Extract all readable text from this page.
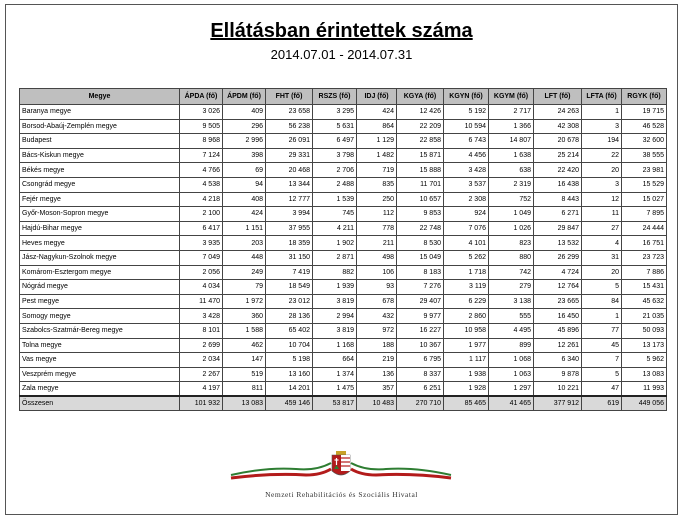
Ellátásban érintettek száma
2014.07.01 - 2014.07.31
Megye	ÁPDA (fő)	ÁPDM (fő)	FHT (fő)	RSZS (fő)	IDJ (fő)	KGYA (fő)	KGYN (fő)	KGYM (fő)	LFT (fő)	LFTA (fő)	RGYK (fő)
Baranya megye	3 026	409	23 658	3 295	424	12 426	5 192	2 717	24 263	1	19 715
Borsod-Abaúj-Zemplén megye	9 505	296	56 238	5 631	864	22 209	10 594	1 366	42 308	3	46 528
Budapest	8 968	2 996	26 091	6 497	1 129	22 858	6 743	14 807	20 678	194	32 600
Bács-Kiskun megye	7 124	398	29 331	3 798	1 482	15 871	4 456	1 638	25 214	22	38 555
Békés megye	4 766	69	20 468	2 706	719	15 888	3 428	638	22 420	20	23 981
Csongrád megye	4 538	94	13 344	2 488	835	11 701	3 537	2 319	16 438	3	15 529
Fejér megye	4 218	408	12 777	1 539	250	10 657	2 308	752	8 443	12	15 027
Győr-Moson-Sopron megye	2 100	424	3 994	745	112	9 853	924	1 049	6 271	11	7 895
Hajdú-Bihar megye	6 417	1 151	37 955	4 211	778	22 748	7 076	1 026	29 847	27	24 444
Heves megye	3 935	203	18 359	1 902	211	8 530	4 101	823	13 532	4	16 751
Jász-Nagykun-Szolnok megye	7 049	448	31 150	2 871	498	15 049	5 262	880	26 299	31	23 723
Komárom-Esztergom megye	2 056	249	7 419	882	106	8 183	1 718	742	4 724	20	7 886
Nógrád megye	4 034	79	18 549	1 939	93	7 276	3 119	279	12 764	5	15 431
Pest megye	11 470	1 972	23 012	3 819	678	29 407	6 229	3 138	23 665	84	45 632
Somogy megye	3 428	360	28 136	2 994	432	9 977	2 860	555	16 450	1	21 035
Szabolcs-Szatmár-Bereg megye	8 101	1 588	65 402	3 819	972	16 227	10 958	4 495	45 896	77	50 093
Tolna megye	2 699	462	10 704	1 168	188	10 367	1 977	899	12 261	45	13 173
Vas megye	2 034	147	5 198	664	219	6 795	1 117	1 068	6 340	7	5 962
Veszprém megye	2 267	519	13 160	1 374	136	8 337	1 938	1 063	9 878	5	13 083
Zala megye	4 197	811	14 201	1 475	357	6 251	1 928	1 297	10 221	47	11 993
Összesen	101 932	13 083	459 146	53 817	10 483	270 710	85 465	41 465	377 912	619	449 056
Nemzeti Rehabilitációs és Szociális Hivatal
